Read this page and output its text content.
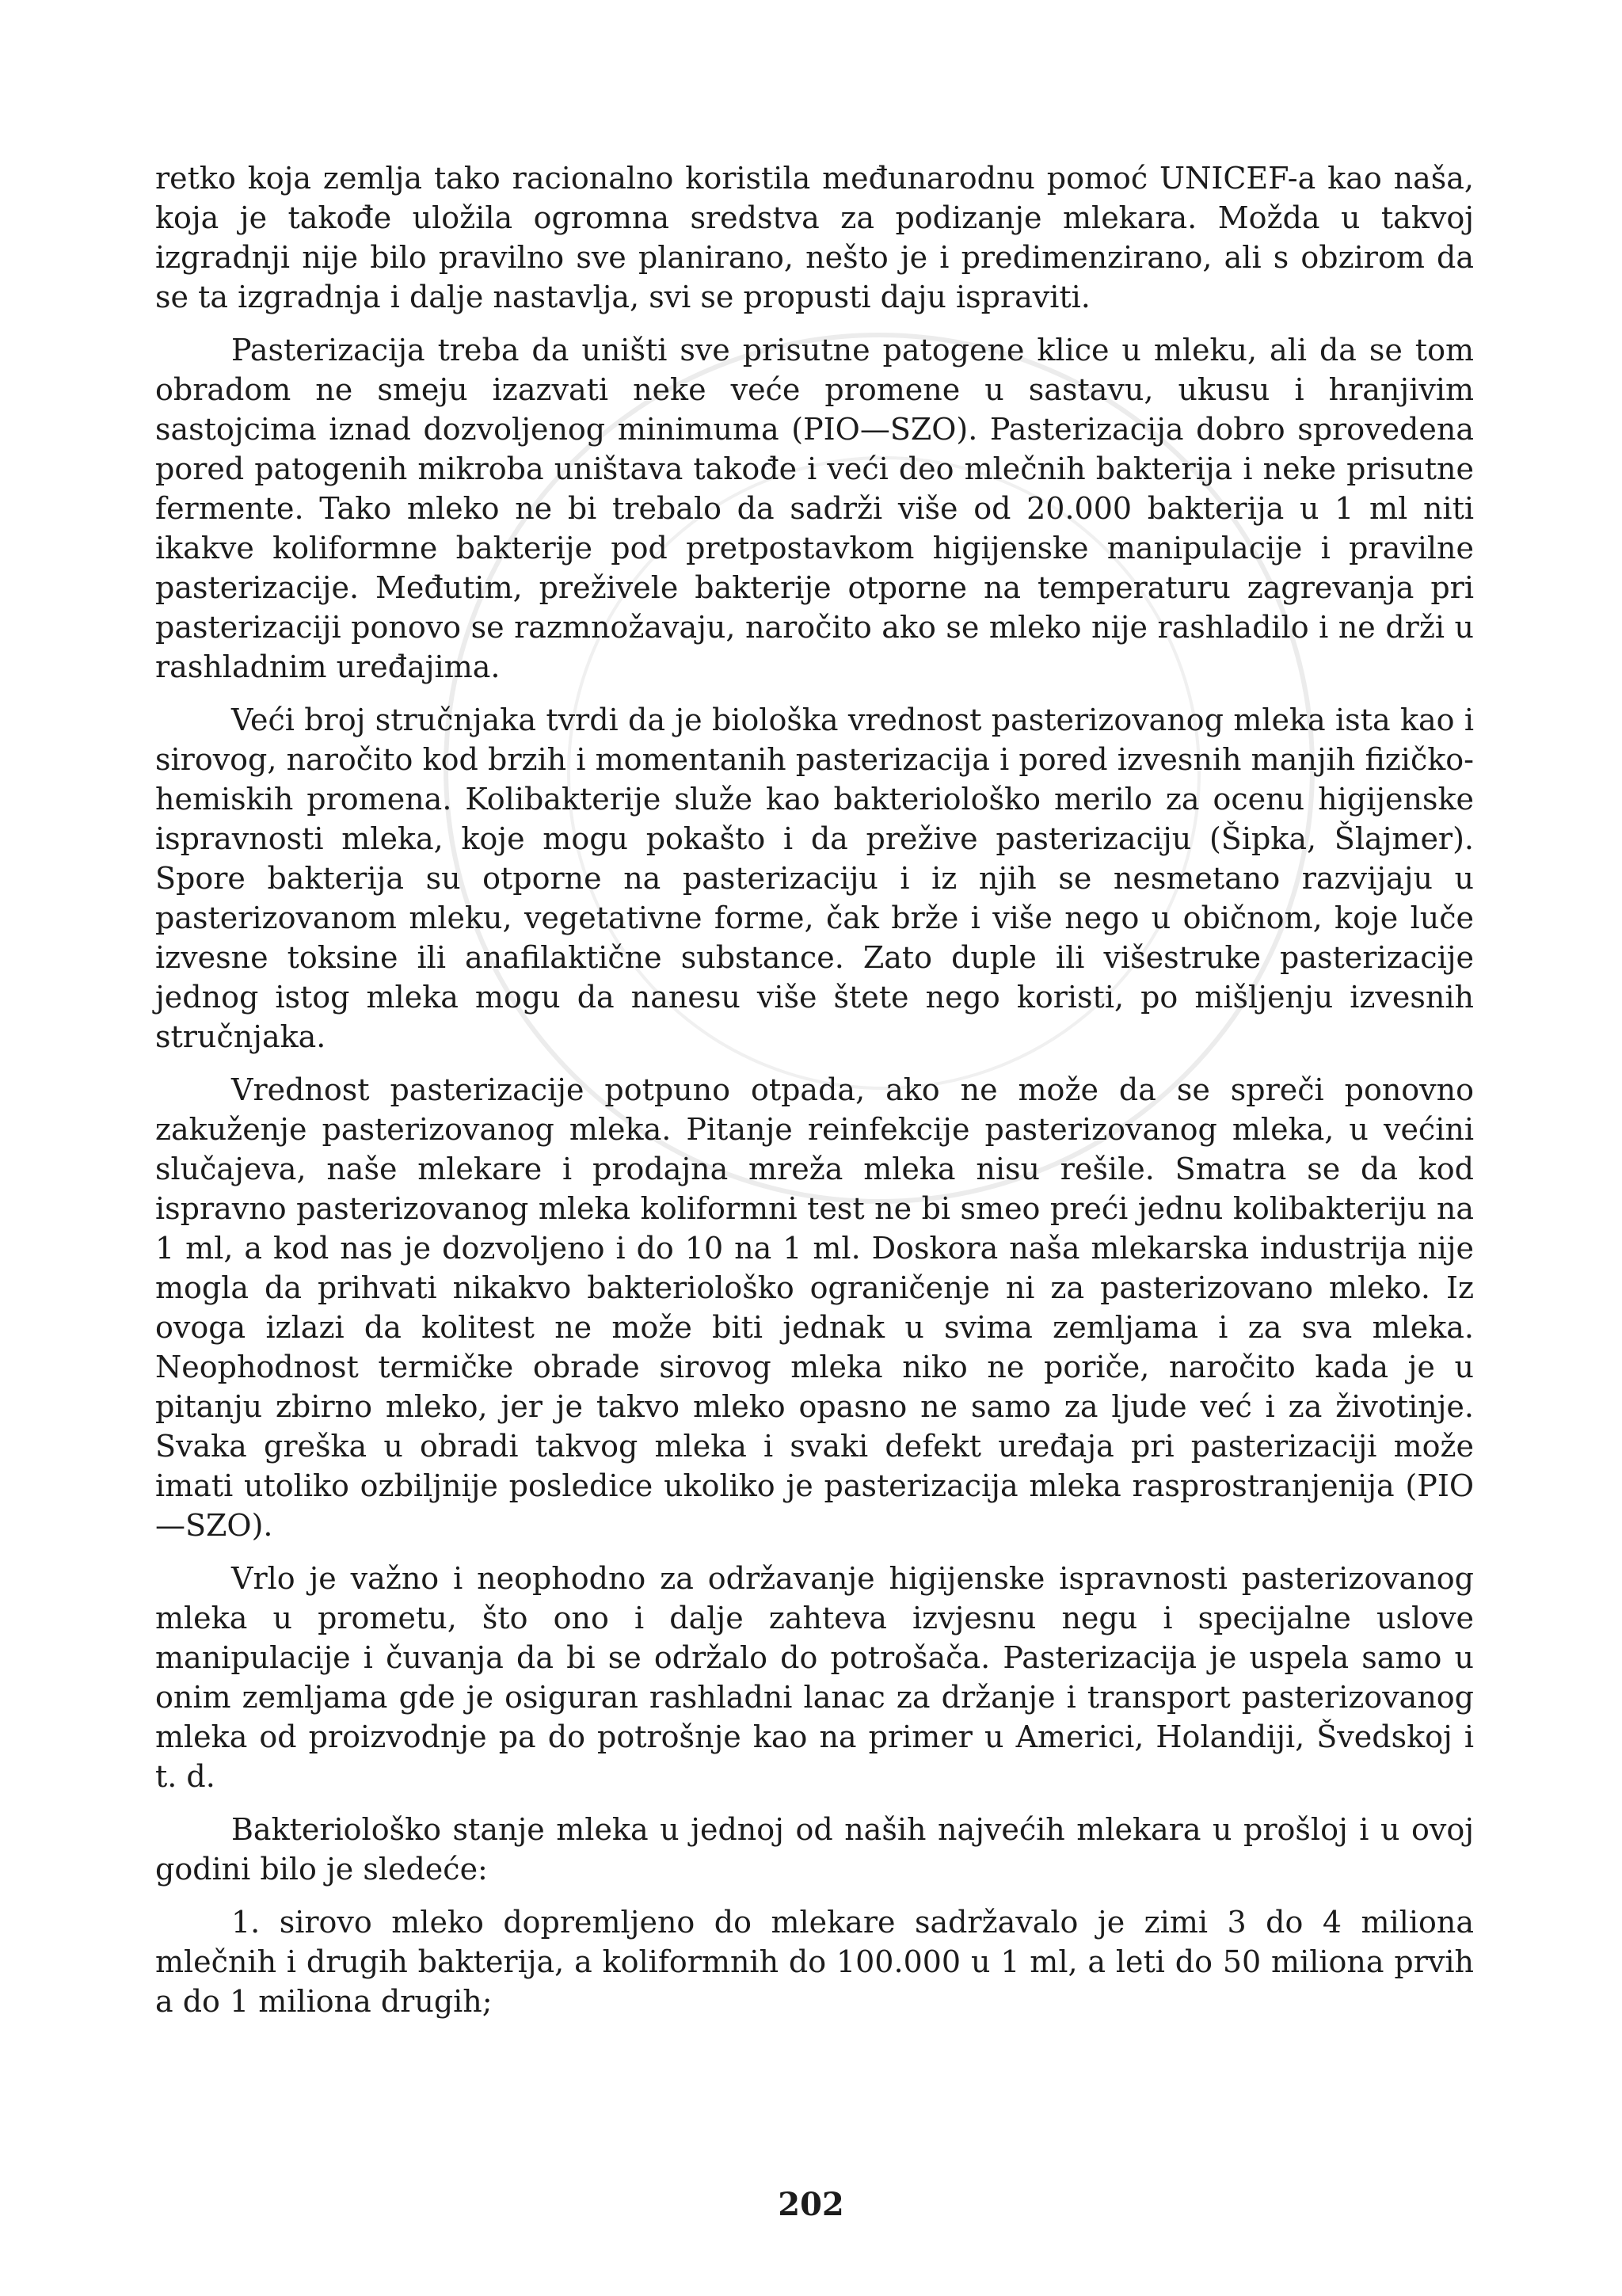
retko koja zemlja tako racionalno koristila međunarodnu pomoć UNICEF-a kao naša, koja je takođe uložila ogromna sredstva za podizanje mlekara. Možda u takvoj izgradnji nije bilo pravilno sve planirano, nešto je i predimenzirano, ali s obzirom da se ta izgradnja i dalje nastavlja, svi se propusti daju ispraviti.

Pasterizacija treba da uništi sve prisutne patogene klice u mleku, ali da se tom obradom ne smeju izazvati neke veće promene u sastavu, ukusu i hranjivim sastojcima iznad dozvoljenog minimuma (PIO—SZO). Pasterizacija dobro sprovedena pored patogenih mikroba uništava takođe i veći deo mlečnih bakterija i neke prisutne fermente. Tako mleko ne bi trebalo da sadrži više od 20.000 bakterija u 1 ml niti ikakve koliformne bakterije pod pretpostavkom higijenske manipulacije i pravilne pasterizacije. Međutim, preživele bakterije otporne na temperaturu zagrevanja pri pasterizaciji ponovo se razmnožavaju, naročito ako se mleko nije rashladilo i ne drži u rashladnim uređajima.

Veći broj stručnjaka tvrdi da je biološka vrednost pasterizovanog mleka ista kao i sirovog, naročito kod brzih i momentanih pasterizacija i pored izvesnih manjih fizičko-hemiskih promena. Kolibakterije služe kao bakteriološko merilo za ocenu higijenske ispravnosti mleka, koje mogu pokašto i da prežive pasterizaciju (Šipka, Šlajmer). Spore bakterija su otporne na pasterizaciju i iz njih se nesmetano razvijaju u pasterizovanom mleku, vegetativne forme, čak brže i više nego u običnom, koje luče izvesne toksine ili anafilaktične substance. Zato duple ili višestruke pasterizacije jednog istog mleka mogu da nanesu više štete nego koristi, po mišljenju izvesnih stručnjaka.

Vrednost pasterizacije potpuno otpada, ako ne može da se spreči ponovno zakuženje pasterizovanog mleka. Pitanje reinfekcije pasterizovanog mleka, u većini slučajeva, naše mlekare i prodajna mreža mleka nisu rešile. Smatra se da kod ispravno pasterizovanog mleka koliformni test ne bi smeo preći jednu kolibakteriju na 1 ml, a kod nas je dozvoljeno i do 10 na 1 ml. Doskora naša mlekarska industrija nije mogla da prihvati nikakvo bakteriološko ograničenje ni za pasterizovano mleko. Iz ovoga izlazi da kolitest ne može biti jednak u svima zemljama i za sva mleka. Neophodnost termičke obrade sirovog mleka niko ne poriče, naročito kada je u pitanju zbirno mleko, jer je takvo mleko opasno ne samo za ljude već i za životinje. Svaka greška u obradi takvog mleka i svaki defekt uređaja pri pasterizaciji može imati utoliko ozbiljnije posledice ukoliko je pasterizacija mleka rasprostranjenija (PIO—SZO).

Vrlo je važno i neophodno za održavanje higijenske ispravnosti pasterizovanog mleka u prometu, što ono i dalje zahteva izvjesnu negu i specijalne uslove manipulacije i čuvanja da bi se održalo do potrošača. Pasterizacija je uspela samo u onim zemljama gde je osiguran rashladni lanac za držanje i transport pasterizovanog mleka od proizvodnje pa do potrošnje kao na primer u Americi, Holandiji, Švedskoj i t. d.

Bakteriološko stanje mleka u jednoj od naših najvećih mlekara u prošloj i u ovoj godini bilo je sledeće:

1. sirovo mleko dopremljeno do mlekare sadržavalo je zimi 3 do 4 miliona mlečnih i drugih bakterija, a koliformnih do 100.000 u 1 ml, a leti do 50 miliona prvih a do 1 miliona drugih;

202
